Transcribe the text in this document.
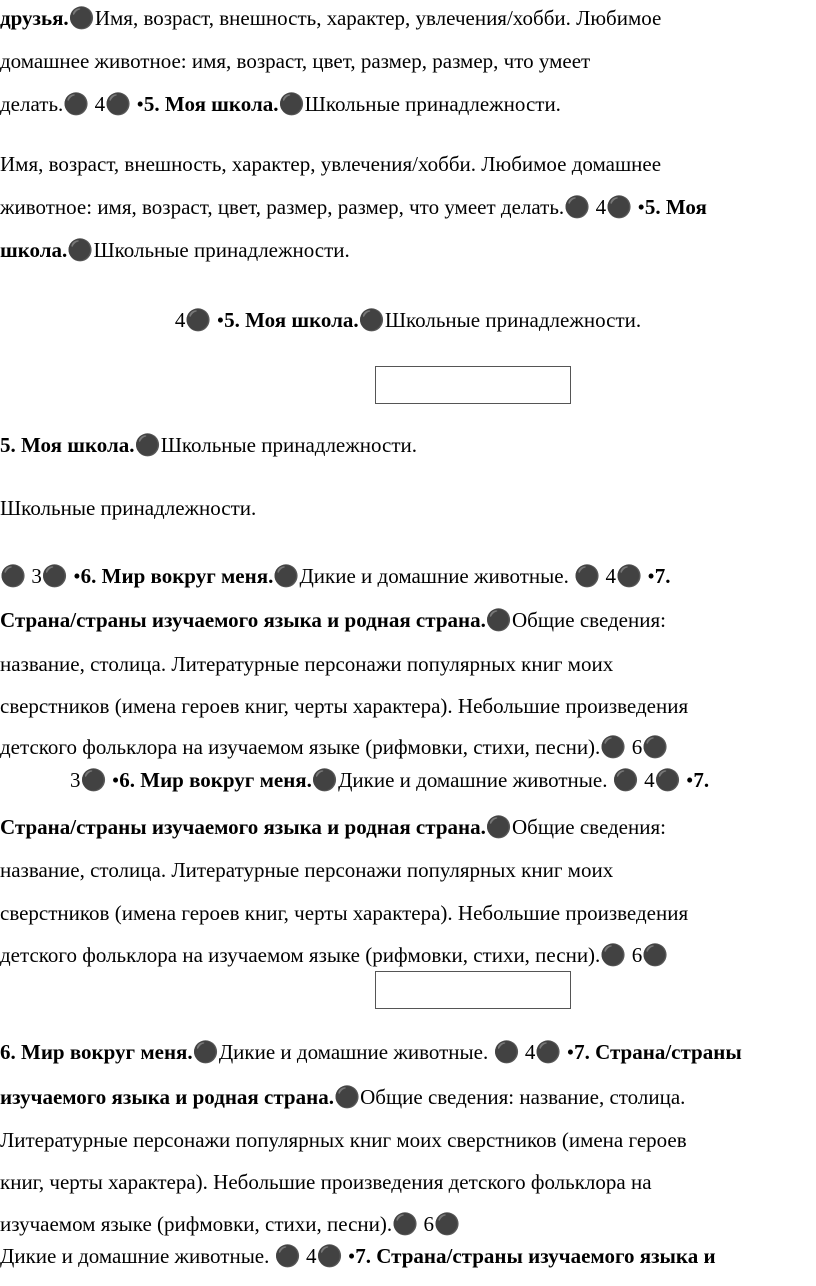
друзья.⚫Имя, возраст, внешность, характер, увлечения/хобби. Любимое
домашнее животное: имя, возраст, цвет, размер, размер, что умеет
делать.⚫ 4⚫ •5. Моя школа.⚫Школьные принадлежности.
Имя, возраст, внешность, характер, увлечения/хобби. Любимое домашнее
животное: имя, возраст, цвет, размер, размер, что умеет делать.⚫ 4⚫ •5. Моя
школа.⚫Школьные принадлежности.
4⚫ •5. Моя школа.⚫Школьные принадлежности.
5. Моя школа.⚫Школьные принадлежности.
Школьные принадлежности.
⚫ 3⚫ •6. Мир вокруг меня.⚫Дикие и домашние животные. ⚫ 4⚫ •7.
Страна/страны изучаемого языка и родная страна.⚫Общие сведения:
название, столица. Литературные персонажи популярных книг моих
сверстников (имена героев книг, черты характера). Небольшие произведения
детского фольклора на изучаемом языке (рифмовки, стихи, песни).⚫ 6⚫
3⚫ •6. Мир вокруг меня.⚫Дикие и домашние животные. ⚫ 4⚫ •7.
Страна/страны изучаемого языка и родная страна.⚫Общие сведения:
название, столица. Литературные персонажи популярных книг моих
сверстников (имена героев книг, черты характера). Небольшие произведения
детского фольклора на изучаемом языке (рифмовки, стихи, песни).⚫ 6⚫
6. Мир вокруг меня.⚫Дикие и домашние животные. ⚫ 4⚫ •7. Страна/страны
изучаемого языка и родная страна.⚫Общие сведения: название, столица.
Литературные персонажи популярных книг моих сверстников (имена героев
книг, черты характера). Небольшие произведения детского фольклора на
изучаемом языке (рифмовки, стихи, песни).⚫ 6⚫
Дикие и домашние животные. ⚫ 4⚫ •7. Страна/страны изучаемого языка и
